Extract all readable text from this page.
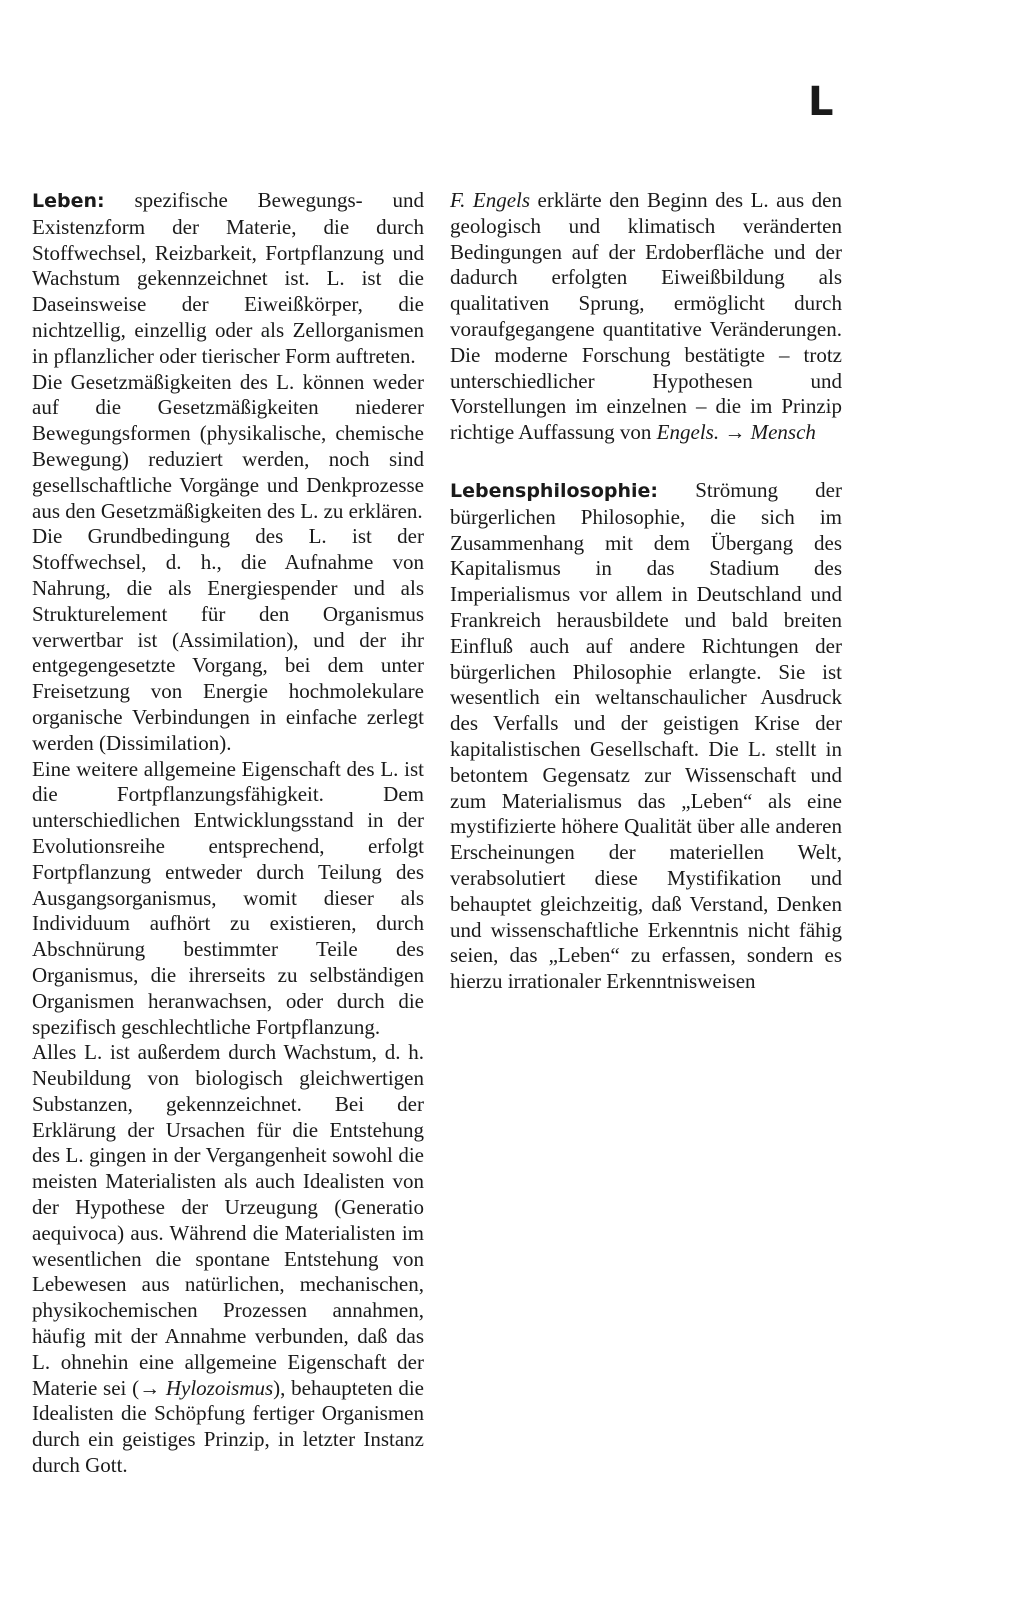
L

Leben: spezifische Bewegungs- und Existenzform der Materie, die durch Stoffwechsel, Reizbarkeit, Fortpflanzung und Wachstum gekennzeichnet ist. L. ist die Daseinsweise der Eiweißkörper, die nichtzellig, einzellig oder als Zellorganismen in pflanzlicher oder tierischer Form auftreten.

Die Gesetzmäßigkeiten des L. können weder auf die Gesetzmäßigkeiten niederer Bewegungsformen (physikalische, chemische Bewegung) reduziert werden, noch sind gesellschaftliche Vorgänge und Denkprozesse aus den Gesetzmäßigkeiten des L. zu erklären.

Die Grundbedingung des L. ist der Stoffwechsel, d. h., die Aufnahme von Nahrung, die als Energiespender und als Strukturelement für den Organismus verwertbar ist (Assimilation), und der ihr entgegengesetzte Vorgang, bei dem unter Freisetzung von Energie hochmolekulare organische Verbindungen in einfache zerlegt werden (Dissimilation).

Eine weitere allgemeine Eigenschaft des L. ist die Fortpflanzungsfähigkeit. Dem unterschiedlichen Entwicklungsstand in der Evolutionsreihe entsprechend, erfolgt Fortpflanzung entweder durch Teilung des Ausgangsorganismus, womit dieser als Individuum aufhört zu existieren, durch Abschnürung bestimmter Teile des Organismus, die ihrerseits zu selbständigen Organismen heranwachsen, oder durch die spezifisch geschlechtliche Fortpflanzung.

Alles L. ist außerdem durch Wachstum, d. h. Neubildung von biologisch gleichwertigen Substanzen, gekennzeichnet. Bei der Erklärung der Ursachen für die Entstehung des L. gingen in der Vergangenheit sowohl die meisten Materialisten als auch Idealisten von der Hypothese der Urzeugung (Generatio aequivoca) aus. Während die Materialisten im wesentlichen die spontane Entstehung von Lebewesen aus natürlichen, mechanischen, physikochemischen Prozessen annahmen, häufig mit der Annahme verbunden, daß das L. ohnehin eine allgemeine Eigenschaft der Materie sei (→ Hylozoismus), behaupteten die Idealisten die Schöpfung fertiger Organismen durch ein geistiges Prinzip, in letzter Instanz durch Gott.

F. Engels erklärte den Beginn des L. aus den geologisch und klimatisch veränderten Bedingungen auf der Erdoberfläche und der dadurch erfolgten Eiweißbildung als qualitativen Sprung, ermöglicht durch voraufgegangene quantitative Veränderungen. Die moderne Forschung bestätigte – trotz unterschiedlicher Hypothesen und Vorstellungen im einzelnen – die im Prinzip richtige Auffassung von Engels. → Mensch

Lebensphilosophie: Strömung der bürgerlichen Philosophie, die sich im Zusammenhang mit dem Übergang des Kapitalismus in das Stadium des Imperialismus vor allem in Deutschland und Frankreich herausbildete und bald breiten Einfluß auch auf andere Richtungen der bürgerlichen Philosophie erlangte. Sie ist wesentlich ein weltanschaulicher Ausdruck des Verfalls und der geistigen Krise der kapitalistischen Gesellschaft. Die L. stellt in betontem Gegensatz zur Wissenschaft und zum Materialismus das „Leben“ als eine mystifizierte höhere Qualität über alle anderen Erscheinungen der materiellen Welt, verabsolutiert diese Mystifikation und behauptet gleichzeitig, daß Verstand, Denken und wissenschaftliche Erkenntnis nicht fähig seien, das „Leben“ zu erfassen, sondern es hierzu irrationaler Erkenntnisweisen
